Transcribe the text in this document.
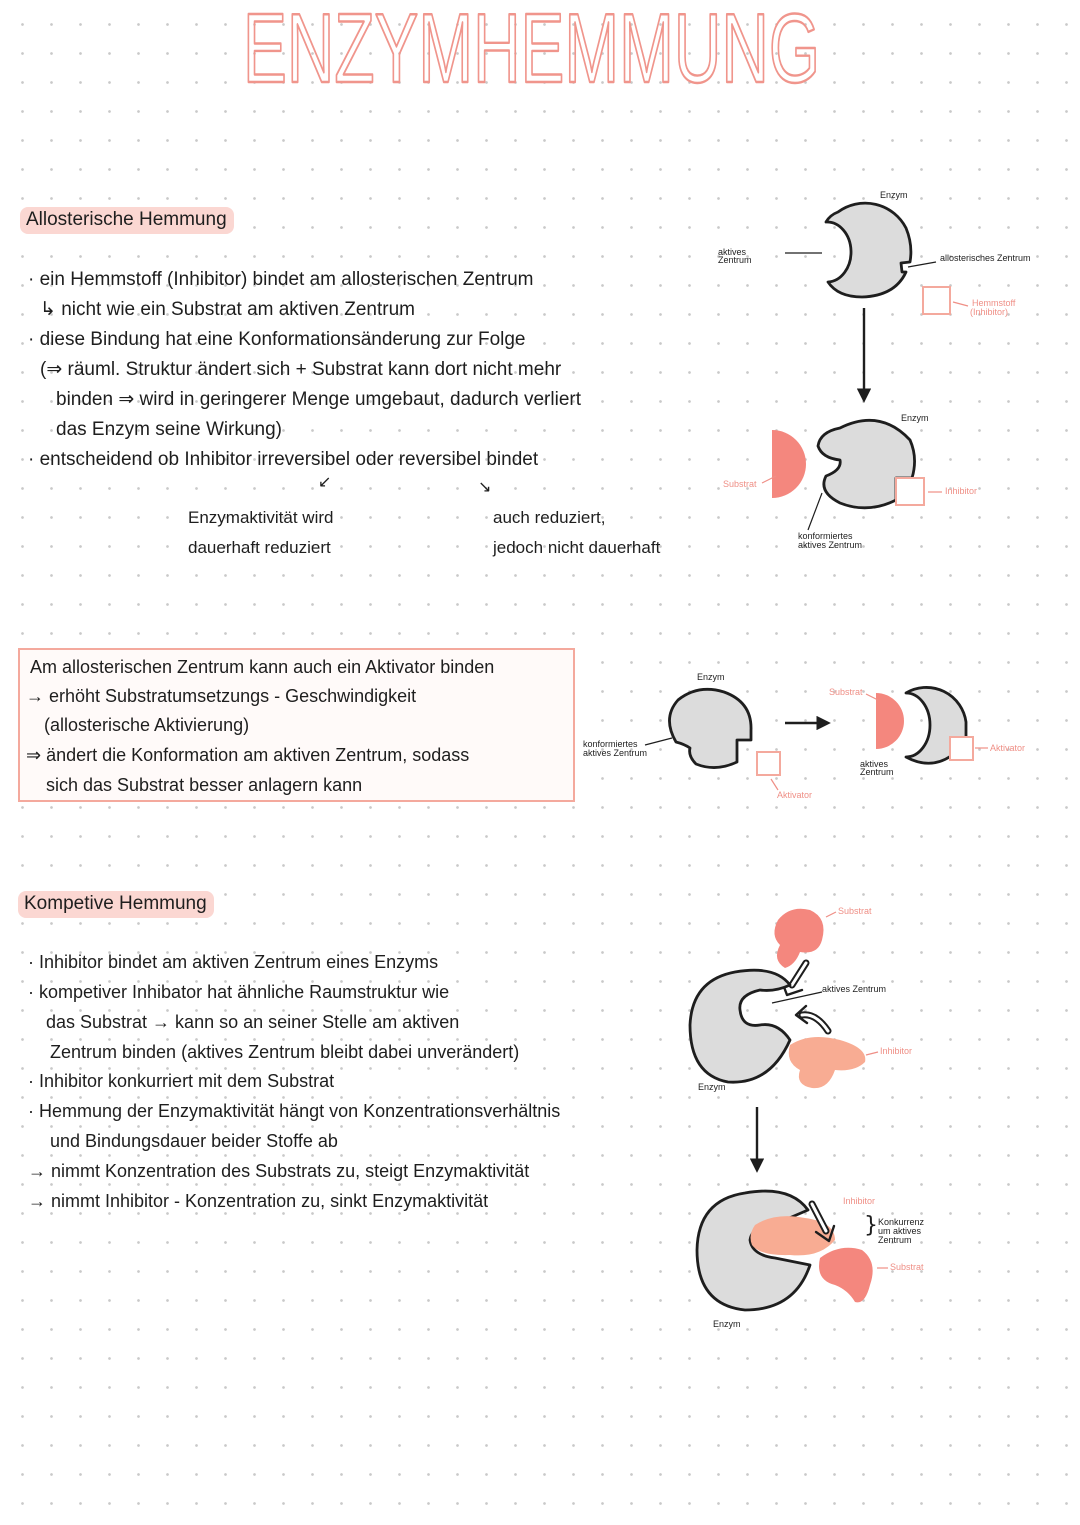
ENZYMHEMMUNG
Allosterische Hemmung
· ein Hemmstoff (Inhibitor) bindet am allosterischen Zentrum
↳ nicht wie ein Substrat am aktiven Zentrum
· diese Bindung hat eine Konformationsänderung zur Folge
(⇒ räuml. Struktur ändert sich + Substrat kann dort nicht mehr
binden ⇒ wird in geringerer Menge umgebaut, dadurch verliert
das Enzym seine Wirkung)
· entscheidend ob Inhibitor irreversibel oder reversibel bindet
↙	↘
Enzymaktivität wird
dauerhaft reduziert
auch reduziert,
jedoch nicht dauerhaft
Enzym
aktives
Zentrum	allosterisches Zentrum
Hemmstoff
(Inhibitor)
Enzym
Substrat
Inhibitor
konformiertes
aktives Zentrum
Am allosterischen Zentrum kann auch ein Aktivator binden
→ erhöht Substratumsetzungs - Geschwindigkeit
(allosterische Aktivierung)
⇒ ändert die Konformation am aktiven Zentrum, sodass
sich das Substrat besser anlagern kann
Enzym
konformiertes
aktives Zentrum
Aktivator
Substrat
aktives
Zentrum
Aktivator
Kompetive Hemmung
· Inhibitor bindet am aktiven Zentrum eines Enzyms
· kompetiver Inhibator hat ähnliche Raumstruktur wie
das Substrat → kann so an seiner Stelle am aktiven
Zentrum binden (aktives Zentrum bleibt dabei unverändert)
· Inhibitor konkurriert mit dem Substrat
· Hemmung der Enzymaktivität hängt von Konzentrationsverhältnis
und Bindungsdauer beider Stoffe ab
→ nimmt Konzentration des Substrats zu, steigt Enzymaktivität
→ nimmt Inhibitor - Konzentration zu, sinkt Enzymaktivität
Substrat
aktives Zentrum
Inhibitor
Enzym
Inhibitor
} Konkurrenz
um aktives
Zentrum
Substrat
Enzym
